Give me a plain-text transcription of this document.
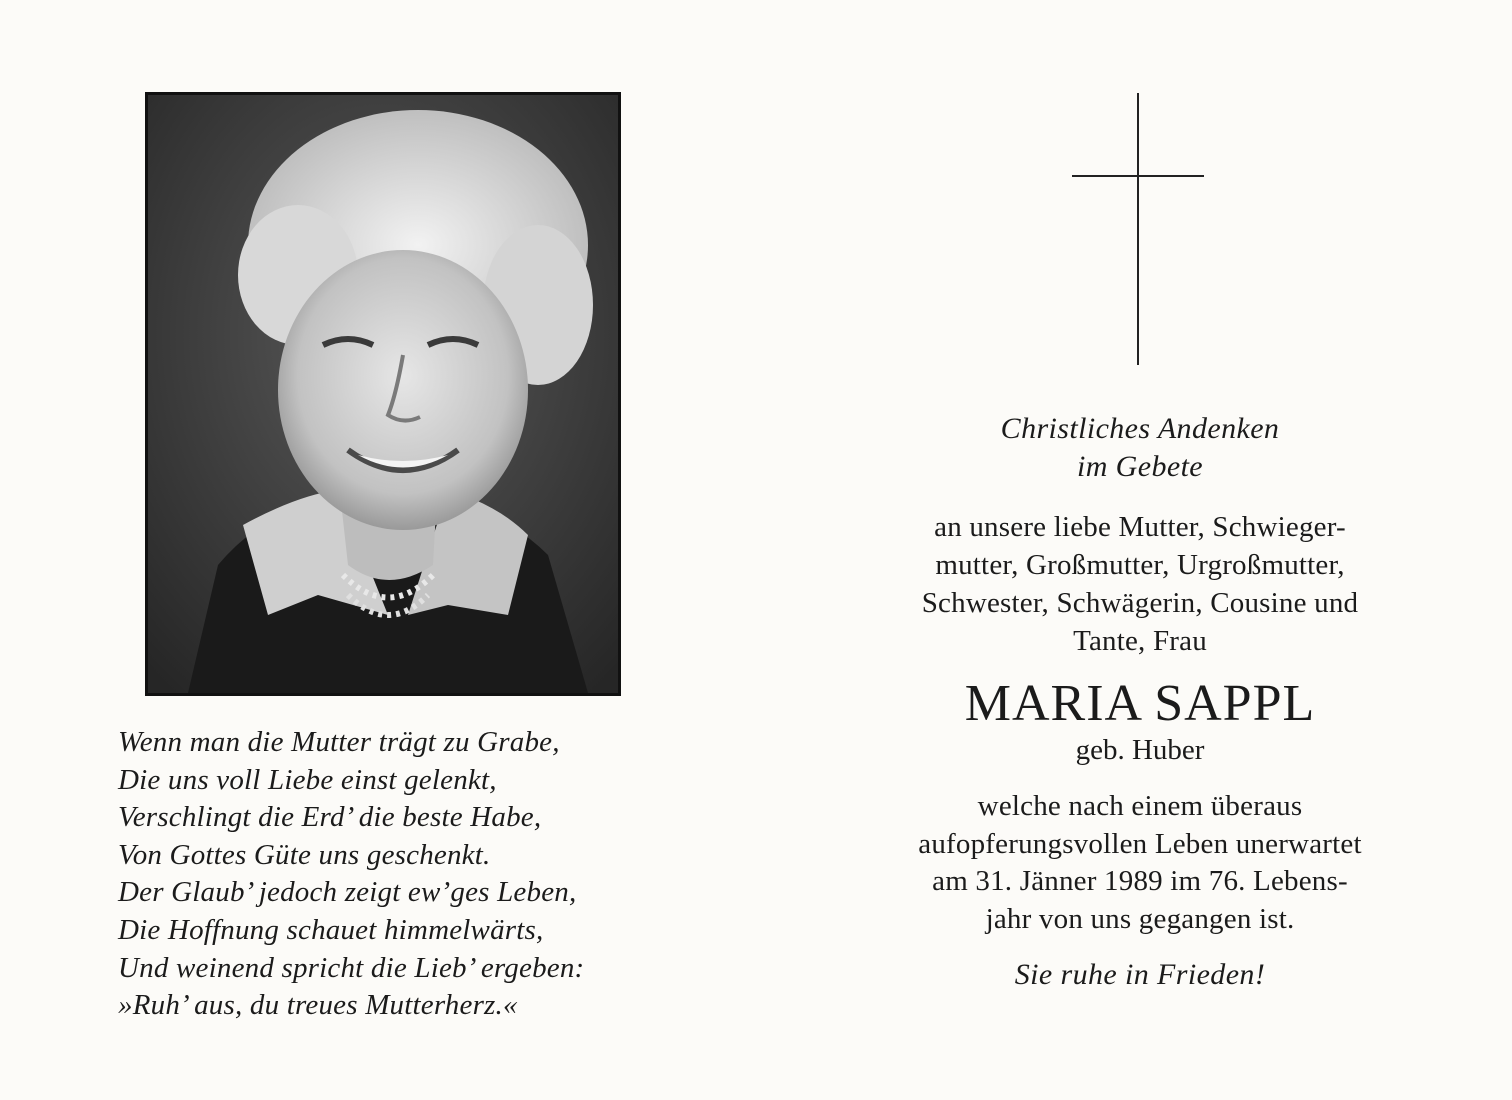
Wenn man die Mutter trägt zu Grabe,
Die uns voll Liebe einst gelenkt,
Verschlingt die Erd’ die beste Habe,
Von Gottes Güte uns geschenkt.
Der Glaub’ jedoch zeigt ew’ges Leben,
Die Hoffnung schauet himmelwärts,
Und weinend spricht die Lieb’ ergeben:
»Ruh’ aus, du treues Mutterherz.«
Christliches Andenken
im Gebete
an unsere liebe Mutter, Schwieger-
mutter, Großmutter, Urgroßmutter,
Schwester, Schwägerin, Cousine und
Tante, Frau
MARIA SAPPL
geb. Huber
welche nach einem überaus
aufopferungsvollen Leben unerwartet
am 31. Jänner 1989 im 76. Lebens-
jahr von uns gegangen ist.
Sie ruhe in Frieden!
